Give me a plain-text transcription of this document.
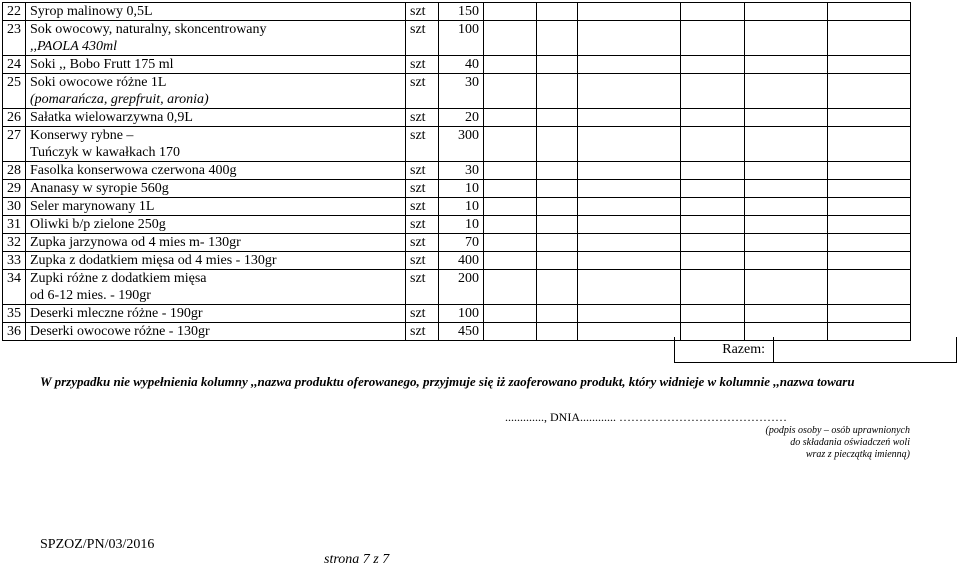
22	Syrop malinowy 0,5L	szt	150						
23	Sok owocowy, naturalny, skoncentrowany
,,PAOLA 430ml	szt	100						
24	Soki ,, Bobo Frutt 175 ml	szt	40						
25	Soki owocowe różne 1L
(pomarańcza, grepfruit, aronia)	szt	30						
26	Sałatka wielowarzywna 0,9L	szt	20						
27	Konserwy rybne –
Tuńczyk w kawałkach 170	szt	300						
28	Fasolka konserwowa czerwona 400g	szt	30						
29	Ananasy w syropie 560g	szt	10						
30	Seler marynowany 1L	szt	10						
31	Oliwki b/p zielone 250g	szt	10						
32	Zupka jarzynowa od 4 mies m- 130gr	szt	70						
33	Zupka z dodatkiem mięsa od 4 mies - 130gr	szt	400						
34	Zupki różne z dodatkiem mięsa
od 6-12 mies. - 190gr	szt	200						
35	Deserki mleczne różne - 190gr	szt	100						
36	Deserki owocowe różne - 130gr	szt	450						
Razem:
W przypadku nie wypełnienia kolumny ,,nazwa produktu oferowanego, przyjmuje się iż zaoferowano produkt, który widnieje w kolumnie ,,nazwa towaru
............., DNIA............ ……………………………………
(podpis osoby – osób uprawnionych
do składania oświadczeń woli
wraz z pieczątką imienną)
SPZOZ/PN/03/2016
strona 7 z 7
